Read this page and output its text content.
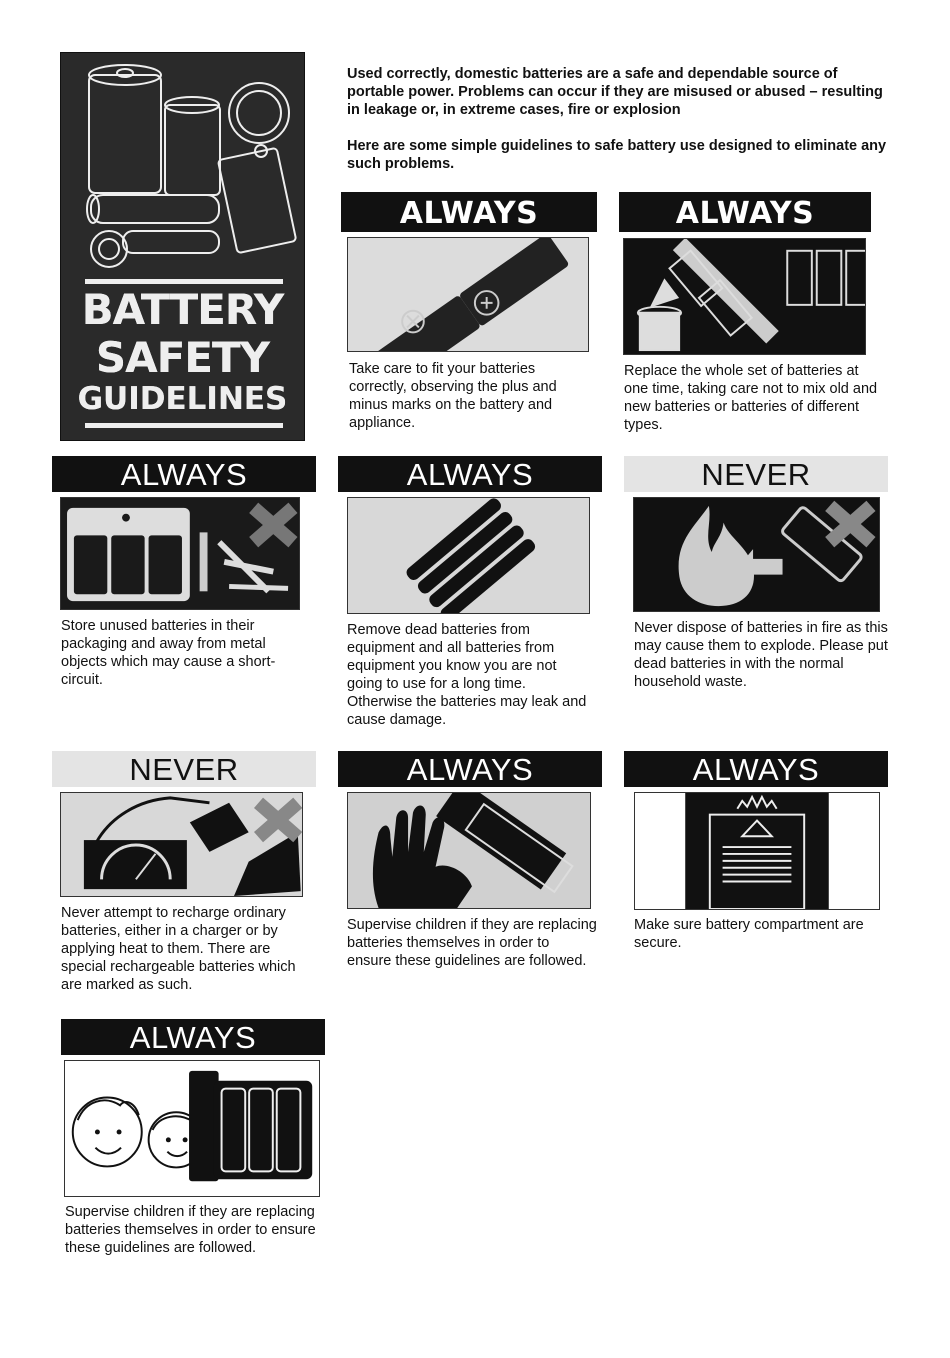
BATTERY
SAFETY
GUIDELINES
Used correctly, domestic batteries are a safe and dependable source of portable power. Problems can occur if they are misused or abused – resulting in leakage or, in extreme cases, fire or explosion
Here are some simple guidelines to safe battery use designed to eliminate any such problems.
ALWAYS
Take care to fit your batteries correctly, observing the plus and minus marks on the battery and appliance.
ALWAYS
Replace the whole set of batteries at one time, taking care not to mix old and new batteries or batteries of different types.
ALWAYS
Store unused batteries in their packaging and away from metal objects which may cause a short-circuit.
ALWAYS
Remove dead batteries from equipment and all batteries from equipment you know you are not going to use for a long time. Otherwise the batteries may leak and cause damage.
NEVER
Never dispose of batteries in fire as this may cause them to explode. Please put dead batteries in with the normal household waste.
NEVER
Never attempt to recharge ordinary batteries, either in a charger or by applying heat to them. There are special rechargeable batteries which are marked as such.
ALWAYS
Supervise children if they are replacing batteries themselves in order to ensure these guidelines are followed.
ALWAYS
Make sure battery compartment are secure.
ALWAYS
Supervise children if they are replacing batteries themselves in order to ensure these guidelines are followed.
